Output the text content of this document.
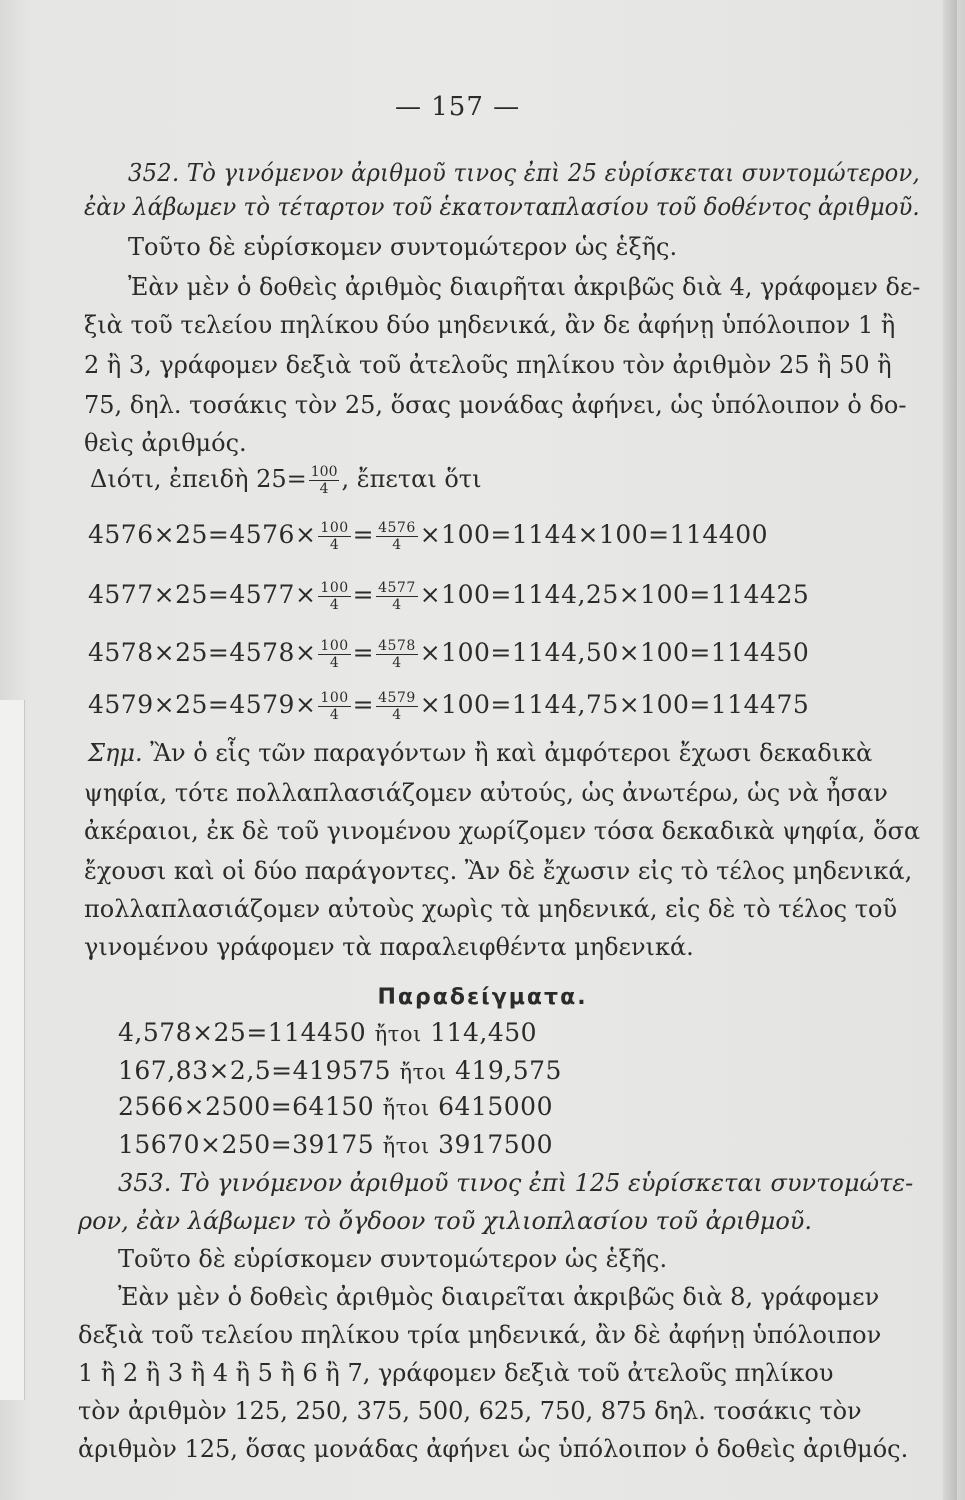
— 157 —
352. Τὸ γινόμενον ἀριθμοῦ τινος ἐπὶ 25 εὑρίσκεται συντομώτερον,
ἐὰν λάβωμεν τὸ τέταρτον τοῦ ἑκατονταπλασίου τοῦ δοθέντος ἀριθμοῦ.
Τοῦτο δὲ εὑρίσκομεν συντομώτερον ὡς ἑξῆς.
Ἐὰν μὲν ὁ δοθεὶς ἀριθμὸς διαιρῆται ἀκριβῶς διὰ 4, γράφομεν δε-
ξιὰ τοῦ τελείου πηλίκου δύο μηδενικά, ἂν δε ἀφήνῃ ὑπόλοιπον 1 ἢ
2 ἢ 3, γράφομεν δεξιὰ τοῦ ἀτελοῦς πηλίκου τὸν ἀριθμὸν 25 ἢ 50 ἢ
75, δηλ. τοσάκις τὸν 25, ὅσας μονάδας ἀφήνει, ὡς ὑπόλοιπον ὁ δο-
θεὶς ἀριθμός.
Διότι, ἐπειδὴ $25= \frac{100}{4}$ , ἔπεται ὅτι
$4576\times 25=4576\times \frac{100}{4} = \frac{4576}{4} \times 100=1144\times 100=114400$
$4577\times 25=4577\times \frac{100}{4} = \frac{4577}{4} \times 100=1144,25\times 100=114425$
$4578\times 25=4578\times \frac{100}{4} = \frac{4578}{4} \times 100=1144,50\times 100=114450$
$4579\times 25=4579\times \frac{100}{4} = \frac{4579}{4} \times 100=1144,75\times 100=114475$
Σημ. Ἂν ὁ εἷς τῶν παραγόντων ἢ καὶ ἀμφότεροι ἔχωσι δεκαδικὰ
ψηφία, τότε πολλαπλασιάζομεν αὐτούς, ὡς ἀνωτέρω, ὡς νὰ ἦσαν
ἀκέραιοι, ἐκ δὲ τοῦ γινομένου χωρίζομεν τόσα δεκαδικὰ ψηφία, ὅσα
ἔχουσι καὶ οἱ δύο παράγοντες. Ἂν δὲ ἔχωσιν εἰς τὸ τέλος μηδενικά,
πολλαπλασιάζομεν αὐτοὺς χωρὶς τὰ μηδενικά, εἰς δὲ τὸ τέλος τοῦ
γινομένου γράφομεν τὰ παραλειφθέντα μηδενικά.
Παραδείγματα.
4,578×25=114450 ἤτοι 114,450
167,83×2,5=419575 ἤτοι 419,575
2566×2500=64150 ἤτοι 6415000
15670×250=39175 ἤτοι 3917500
353. Τὸ γινόμενον ἀριθμοῦ τινος ἐπὶ 125 εὑρίσκεται συντομώτε-
ρον, ἐὰν λάβωμεν τὸ ὄγδοον τοῦ χιλιοπλασίου τοῦ ἀριθμοῦ.
Τοῦτο δὲ εὑρίσκομεν συντομώτερον ὡς ἑξῆς.
Ἐὰν μὲν ὁ δοθεὶς ἀριθμὸς διαιρεῖται ἀκριβῶς διὰ 8, γράφομεν
δεξιὰ τοῦ τελείου πηλίκου τρία μηδενικά, ἂν δὲ ἀφήνῃ ὑπόλοιπον
1 ἢ 2 ἢ 3 ἢ 4 ἢ 5 ἢ 6 ἢ 7, γράφομεν δεξιὰ τοῦ ἀτελοῦς πηλίκου
τὸν ἀριθμὸν 125, 250, 375, 500, 625, 750, 875 δηλ. τοσάκις τὸν
ἀριθμὸν 125, ὅσας μονάδας ἀφήνει ὡς ὑπόλοιπον ὁ δοθεὶς ἀριθμός.
